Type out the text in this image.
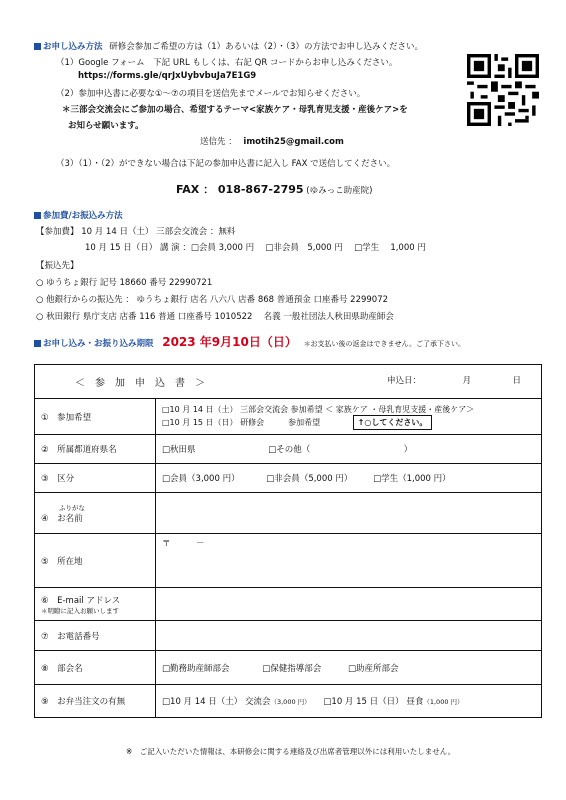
お申し込み方法 研修会参加ご希望の方は（1）あるいは（2）・（3）の方法でお申し込みください。
（1）Google フォーム　下記 URL もしくは、右記 QR コードからお申し込みください。
https://forms.gle/qrJxUybvbuJa7E1G9
（2）参加申込書に必要な①～⑦の項目を送信先までメールでお知らせください。
＊三部会交流会にご参加の場合、希望するテーマ<家族ケア・母乳育児支援・産後ケア>を
お知らせ願います。
送信先 ： imotih25@gmail.com
（3）（1）・（2）ができない場合は下記の参加申込書に記入し FAX で送信してください。
FAX ： 018-867-2795 (ゆみっこ助産院)
参加費/お振込み方法
【参加費】 10 月 14 日（土） 三部会交流会 ：無料
10 月 15 日（日） 講 演 ：□会員 3,000 円　 □非会員　5,000 円　 □学生　 1,000 円
【振込先】
○ ゆうちょ銀行 記号 18660 番号 22990721
○ 他銀行からの振込先 ： ゆうちょ銀行 店名 八六八 店番 868 普通預金 口座番号 2299072
○ 秋田銀行 県庁支店 店番 116 普通 口座番号 1010522　 名義 一般社団法人秋田県助産師会
お申し込み・お振り込み期限 2023 年9月10日（日） ＊お支払い後の返金はできません。ご了承下さい。
＜　参　加　申　込　書　＞ 申込日： 月 日	

①　参加希望	□10 月 14 日（土） 三部会交流会 参加希望 ＜ 家族ケア ・母乳育児支援・産後ケア＞
□10 月 15 日（日） 研修会　　　参加希望 ↑○してください。

②　所属都道府県名	□秋田県 □その他（　　　　　　　　　　　）
③　区分	□会員（3,000 円） □非会員（5,000 円） □学生（1,000 円）

ふりがな
④　お名前	

⑤　所在地	〒　　　－

⑥　E-mail アドレス
＊明瞭に記入お願いします	

⑦　お電話番号	
⑧　部会名	□勤務助産師部会 □保健指導部会 □助産所部会
⑨　お弁当注文の有無	□10 月 14 日（土） 交流会（3,000 円） □10 月 15 日（日） 昼食（1,000 円）
※　ご記入いただいた情報は、本研修会に関する連絡及び出席者管理以外には利用いたしません。
